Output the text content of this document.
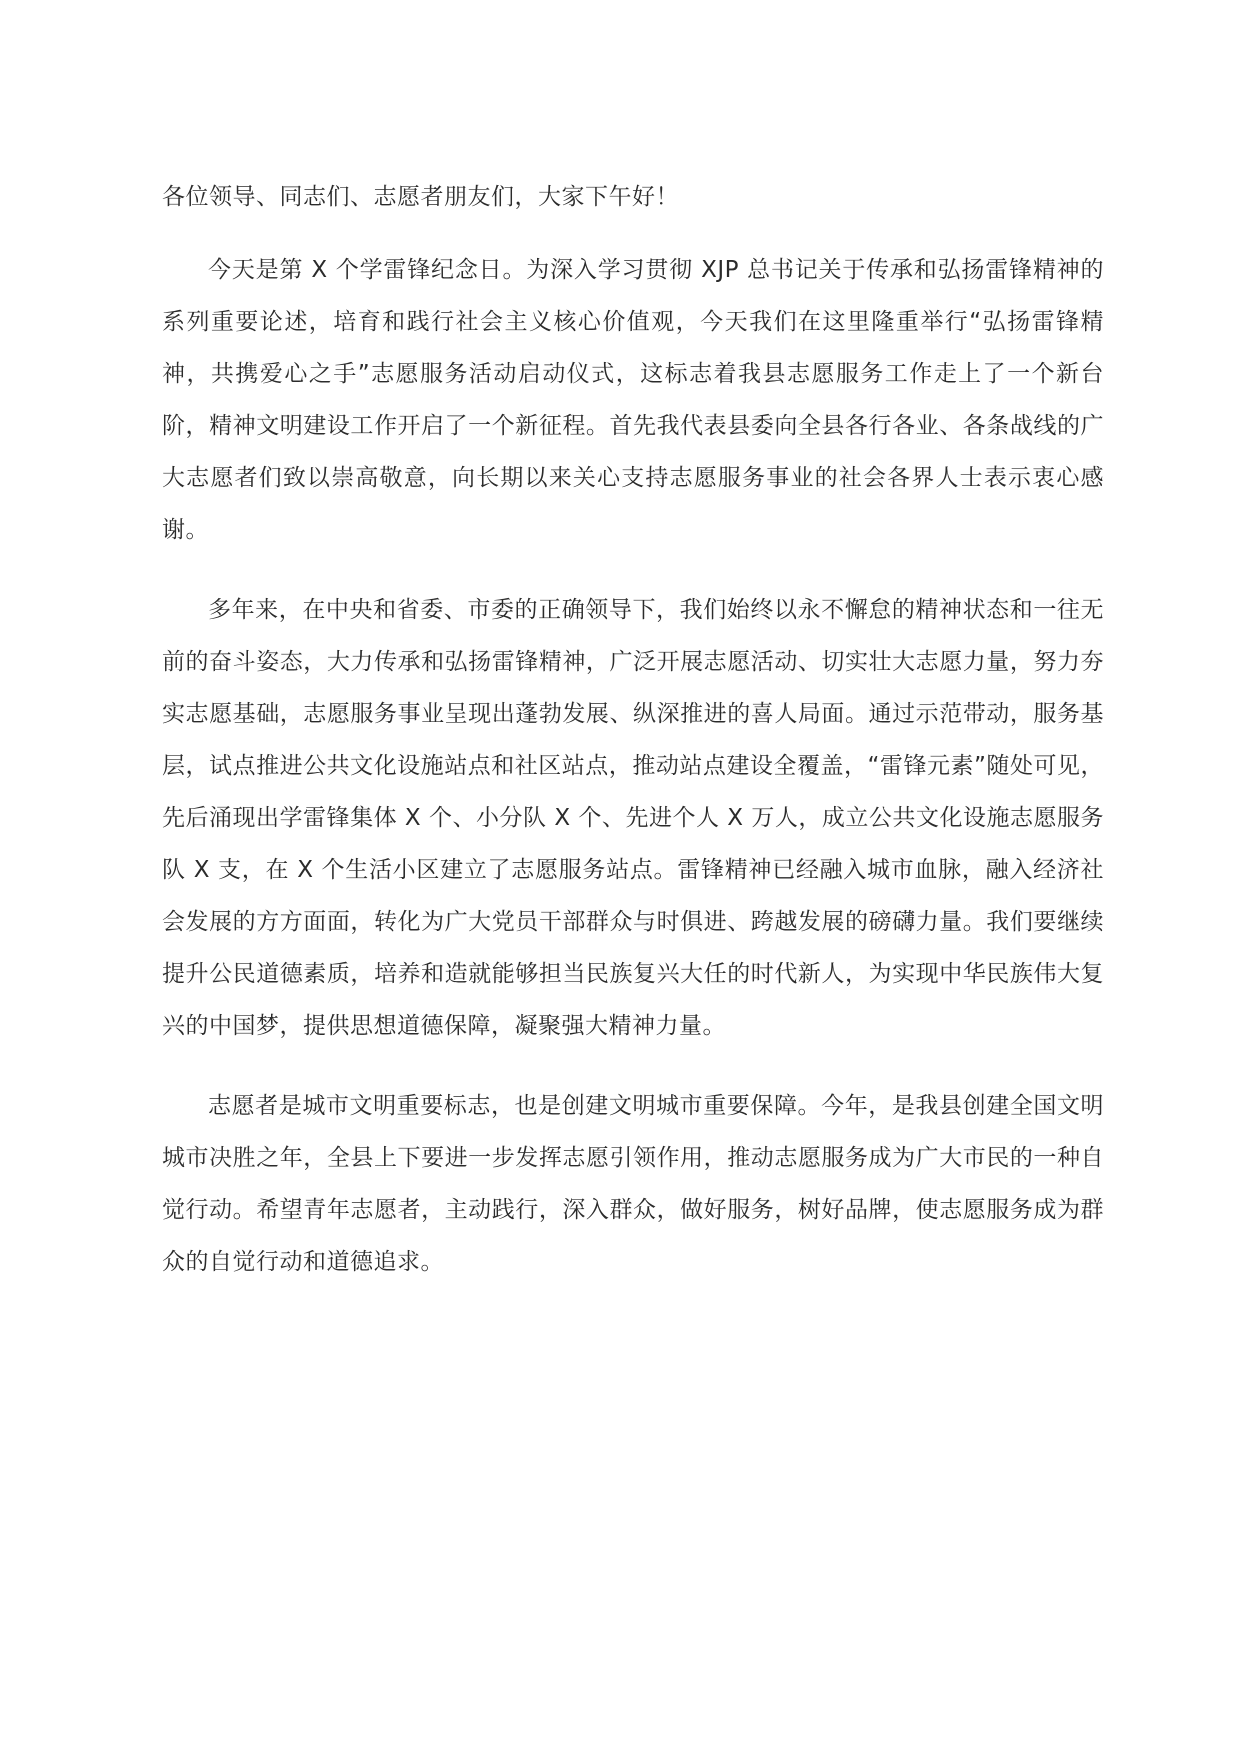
各位领导、同志们、志愿者朋友们，大家下午好！

今天是第 X 个学雷锋纪念日。为深入学习贯彻 XJP 总书记关于传承和弘扬雷锋精神的系列重要论述，培育和践行社会主义核心价值观，今天我们在这里隆重举行“弘扬雷锋精神，共携爱心之手”志愿服务活动启动仪式，这标志着我县志愿服务工作走上了一个新台阶，精神文明建设工作开启了一个新征程。首先我代表县委向全县各行各业、各条战线的广大志愿者们致以崇高敬意，向长期以来关心支持志愿服务事业的社会各界人士表示衷心感谢。

多年来，在中央和省委、市委的正确领导下，我们始终以永不懈怠的精神状态和一往无前的奋斗姿态，大力传承和弘扬雷锋精神，广泛开展志愿活动、切实壮大志愿力量，努力夯实志愿基础，志愿服务事业呈现出蓬勃发展、纵深推进的喜人局面。通过示范带动，服务基层，试点推进公共文化设施站点和社区站点，推动站点建设全覆盖，“雷锋元素”随处可见，先后涌现出学雷锋集体 X 个、小分队 X 个、先进个人 X 万人，成立公共文化设施志愿服务队 X 支，在 X 个生活小区建立了志愿服务站点。雷锋精神已经融入城市血脉，融入经济社会发展的方方面面，转化为广大党员干部群众与时俱进、跨越发展的磅礴力量。我们要继续提升公民道德素质，培养和造就能够担当民族复兴大任的时代新人，为实现中华民族伟大复兴的中国梦，提供思想道德保障，凝聚强大精神力量。

志愿者是城市文明重要标志，也是创建文明城市重要保障。今年，是我县创建全国文明城市决胜之年，全县上下要进一步发挥志愿引领作用，推动志愿服务成为广大市民的一种自觉行动。希望青年志愿者，主动践行，深入群众，做好服务，树好品牌，使志愿服务成为群众的自觉行动和道德追求。
